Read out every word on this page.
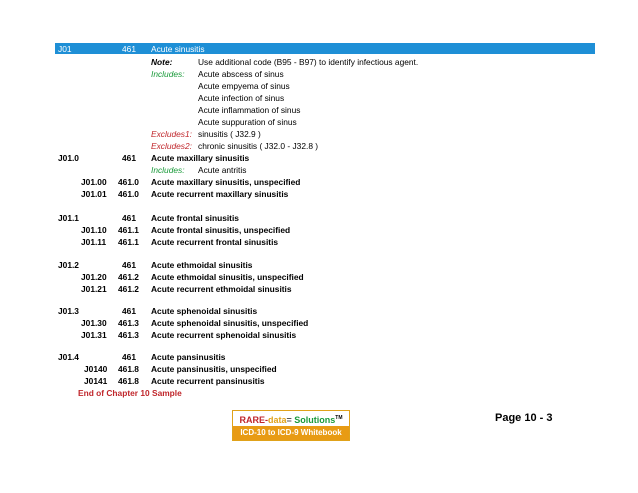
J01	461 Acute sinusitis
Note:	Use additional code (B95 - B97) to identify infectious agent.
Includes: Acute abscess of sinus
Acute empyema of sinus
Acute infection of sinus
Acute inflammation of sinus
Acute suppuration of sinus
Excludes1: sinusitis ( J32.9 )
Excludes2: chronic sinusitis ( J32.0 - J32.8 )
J01.0	461 Acute maxillary sinusitis
Includes: Acute antritis
J01.00 461.0 Acute maxillary sinusitis, unspecified
J01.01 461.0 Acute recurrent maxillary sinusitis
J01.1	461 Acute frontal sinusitis
J01.10 461.1 Acute frontal sinusitis, unspecified
J01.11 461.1 Acute recurrent frontal sinusitis
J01.2	461 Acute ethmoidal sinusitis
J01.20 461.2 Acute ethmoidal sinusitis, unspecified
J01.21 461.2 Acute recurrent ethmoidal sinusitis
J01.3	461 Acute sphenoidal sinusitis
J01.30 461.3 Acute sphenoidal sinusitis, unspecified
J01.31 461.3 Acute recurrent sphenoidal sinusitis
J01.4	461 Acute pansinusitis
J0140 461.8 Acute pansinusitis, unspecified
J0141 461.8 Acute recurrent pansinusitis
End of Chapter 10 Sample
RARE-data= Solutions™
ICD-10 to ICD-9 Whitebook
Page 10 - 3
